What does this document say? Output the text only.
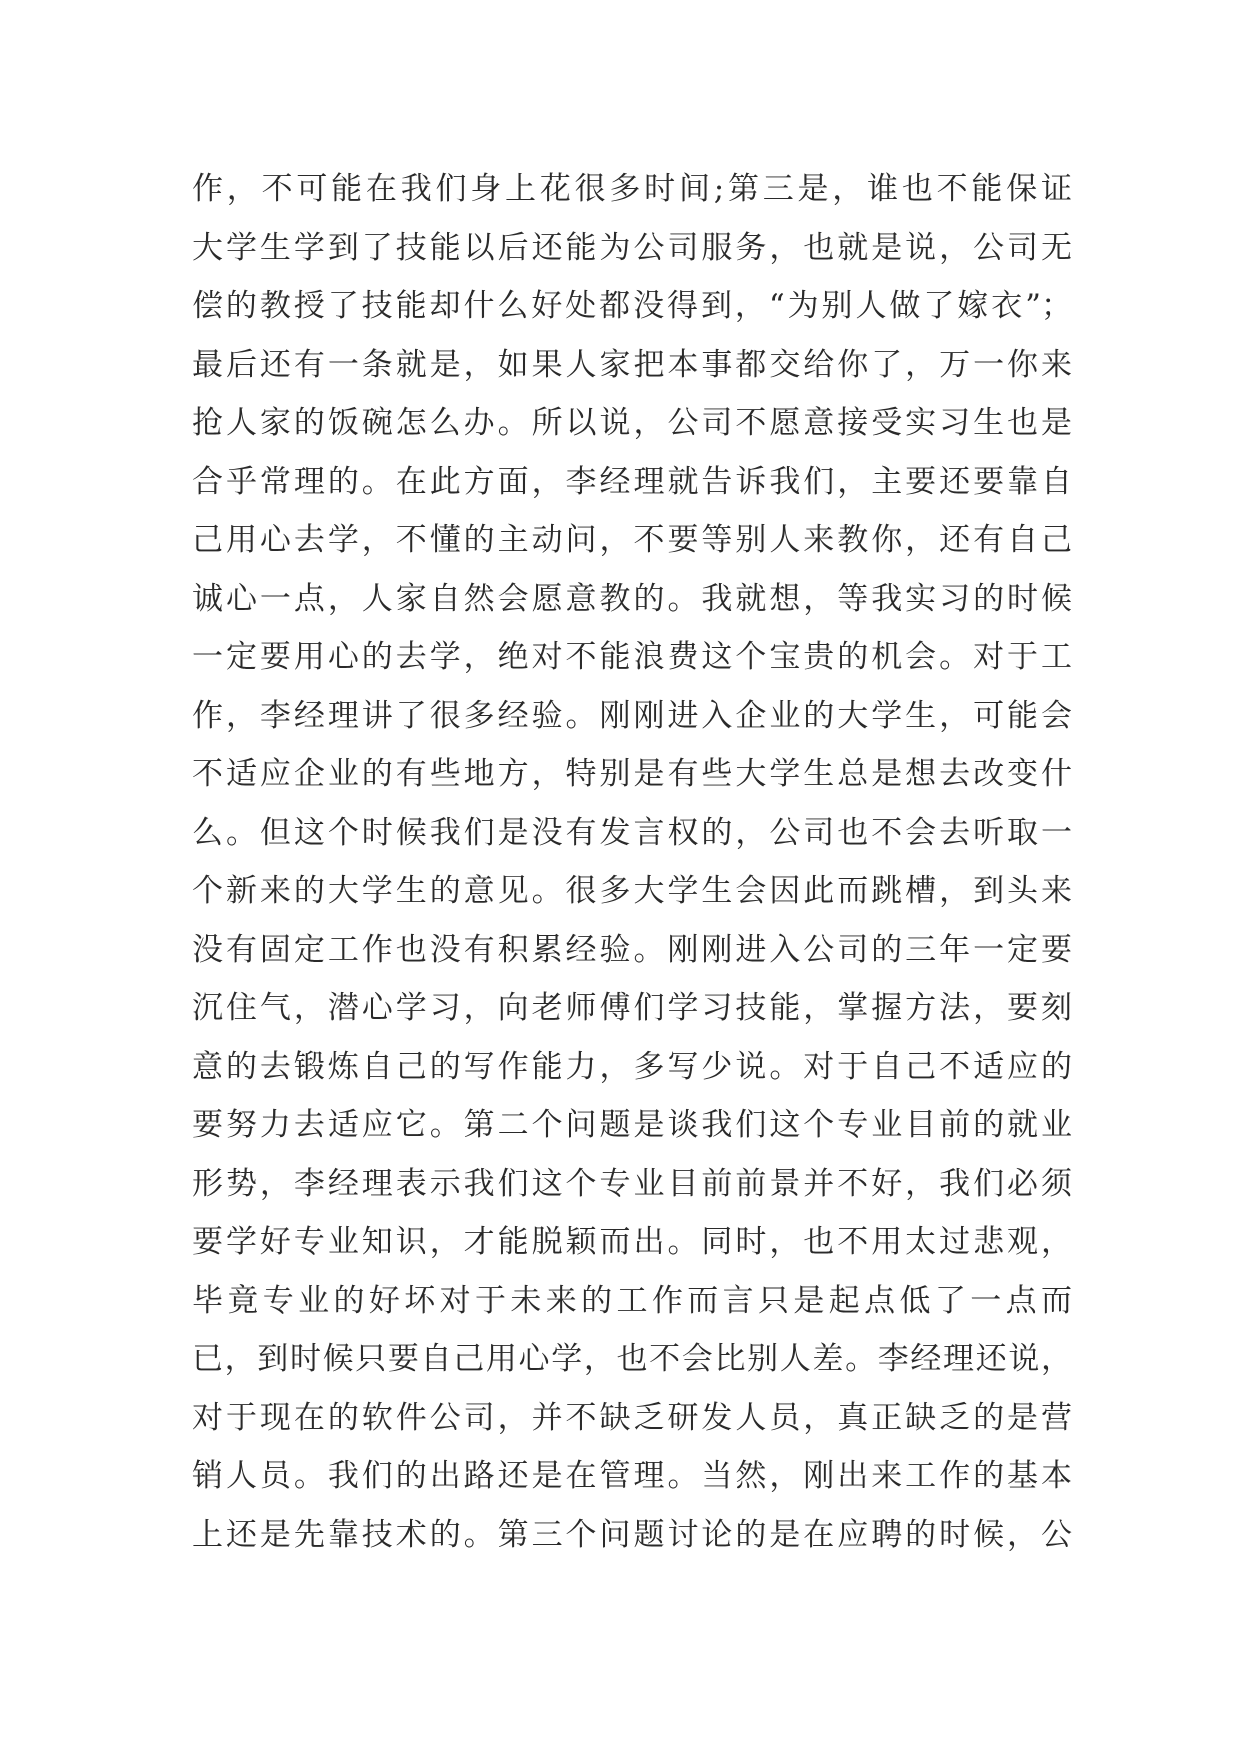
作，不可能在我们身上花很多时间;第三是，谁也不能保证
大学生学到了技能以后还能为公司服务，也就是说，公司无
偿的教授了技能却什么好处都没得到，“为别人做了嫁衣”；
最后还有一条就是，如果人家把本事都交给你了，万一你来
抢人家的饭碗怎么办。所以说，公司不愿意接受实习生也是
合乎常理的。在此方面，李经理就告诉我们，主要还要靠自
己用心去学，不懂的主动问，不要等别人来教你，还有自己
诚心一点，人家自然会愿意教的。我就想，等我实习的时候
一定要用心的去学，绝对不能浪费这个宝贵的机会。对于工
作，李经理讲了很多经验。刚刚进入企业的大学生，可能会
不适应企业的有些地方，特别是有些大学生总是想去改变什
么。但这个时候我们是没有发言权的，公司也不会去听取一
个新来的大学生的意见。很多大学生会因此而跳槽，到头来
没有固定工作也没有积累经验。刚刚进入公司的三年一定要
沉住气，潜心学习，向老师傅们学习技能，掌握方法，要刻
意的去锻炼自己的写作能力，多写少说。对于自己不适应的
要努力去适应它。第二个问题是谈我们这个专业目前的就业
形势，李经理表示我们这个专业目前前景并不好，我们必须
要学好专业知识，才能脱颖而出。同时，也不用太过悲观，
毕竟专业的好坏对于未来的工作而言只是起点低了一点而
已，到时候只要自己用心学，也不会比别人差。李经理还说，
对于现在的软件公司，并不缺乏研发人员，真正缺乏的是营
销人员。我们的出路还是在管理。当然，刚出来工作的基本
上还是先靠技术的。第三个问题讨论的是在应聘的时候，公
